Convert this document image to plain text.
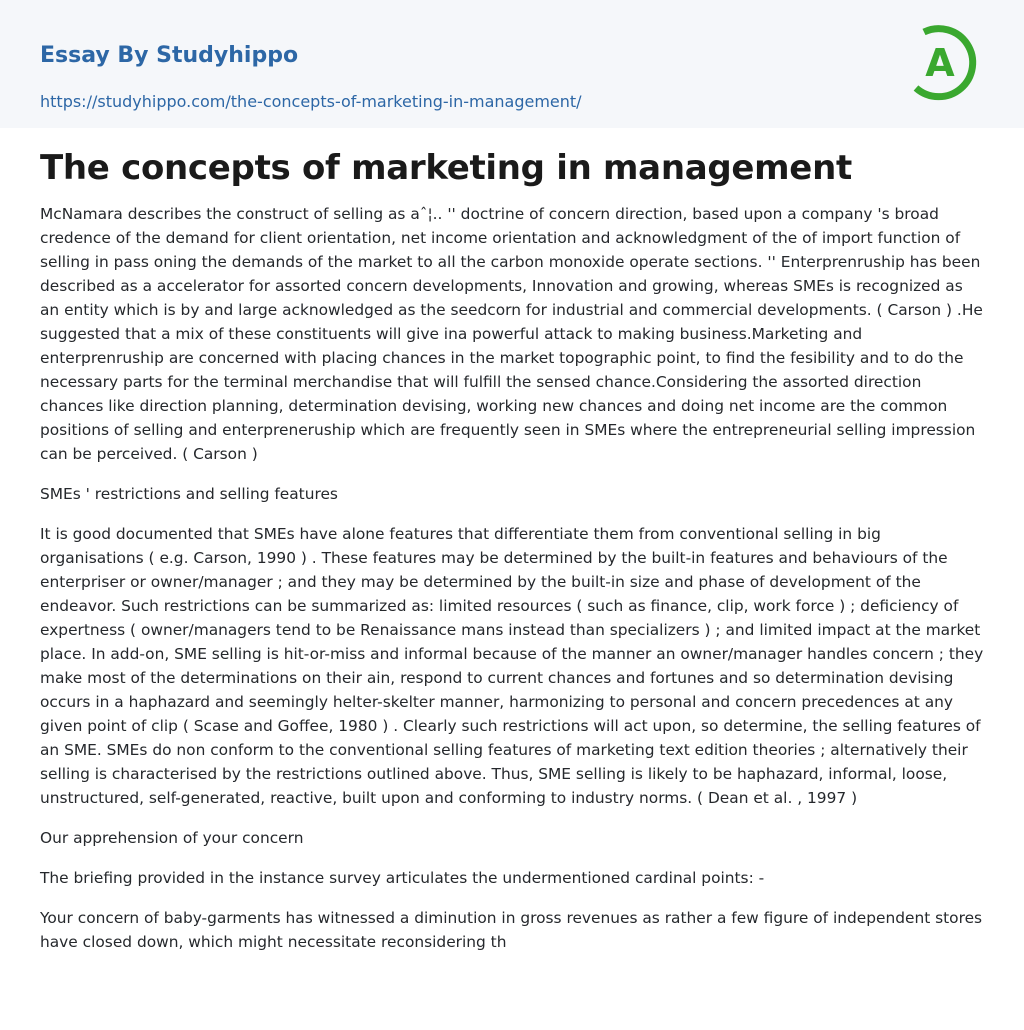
Essay By Studyhippo
https://studyhippo.com/the-concepts-of-marketing-in-management/
A
The concepts of marketing in management

McNamara describes the construct of selling as aˆ¦.. '' doctrine of concern direction, based upon a company 's broad credence of the demand for client orientation, net income orientation and acknowledgment of the of import function of selling in pass oning the demands of the market to all the carbon monoxide operate sections. '' Enterprenruship has been described as a accelerator for assorted concern developments, Innovation and growing, whereas SMEs is recognized as an entity which is by and large acknowledged as the seedcorn for industrial and commercial developments. ( Carson ) .He suggested that a mix of these constituents will give ina powerful attack to making business.Marketing and enterprenruship are concerned with placing chances in the market topographic point, to find the fesibility and to do the necessary parts for the terminal merchandise that will fulfill the sensed chance.Considering the assorted direction chances like direction planning, determination devising, working new chances and doing net income are the common positions of selling and enterpreneruship which are frequently seen in SMEs where the entrepreneurial selling impression can be perceived. ( Carson )

SMEs ' restrictions and selling features

It is good documented that SMEs have alone features that differentiate them from conventional selling in big organisations ( e.g. Carson, 1990 ) . These features may be determined by the built-in features and behaviours of the enterpriser or owner/manager ; and they may be determined by the built-in size and phase of development of the endeavor. Such restrictions can be summarized as: limited resources ( such as finance, clip, work force ) ; deficiency of expertness ( owner/managers tend to be Renaissance mans instead than specializers ) ; and limited impact at the market place. In add-on, SME selling is hit-or-miss and informal because of the manner an owner/manager handles concern ; they make most of the determinations on their ain, respond to current chances and fortunes and so determination devising occurs in a haphazard and seemingly helter-skelter manner, harmonizing to personal and concern precedences at any given point of clip ( Scase and Goffee, 1980 ) . Clearly such restrictions will act upon, so determine, the selling features of an SME. SMEs do non conform to the conventional selling features of marketing text edition theories ; alternatively their selling is characterised by the restrictions outlined above. Thus, SME selling is likely to be haphazard, informal, loose, unstructured, self-generated, reactive, built upon and conforming to industry norms. ( Dean et al. , 1997 )

Our apprehension of your concern

The briefing provided in the instance survey articulates the undermentioned cardinal points: -

Your concern of baby-garments has witnessed a diminution in gross revenues as rather a few figure of independent stores have closed down, which might necessitate reconsidering th
